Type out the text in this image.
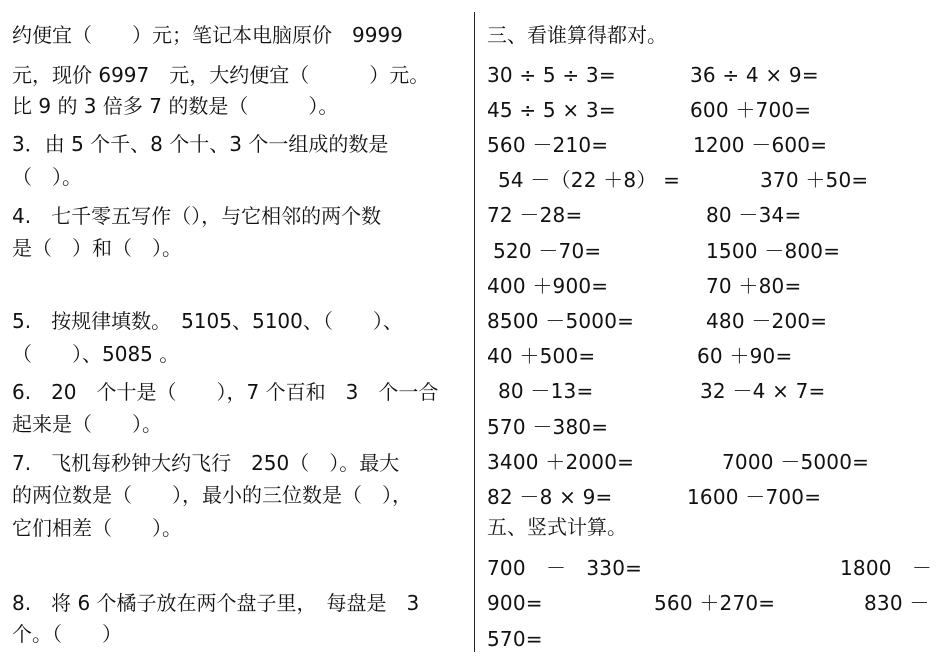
约便宜（　　）元；笔记本电脑原价　9999
元，现价 6997　元，大约便宜（　　　）元。
比 9 的 3 倍多 7 的数是（　　　）。
3．由 5 个千、8 个十、3 个一组成的数是
（　）。
4.　七千零五写作（），与它相邻的两个数
是（　）和（　）。
5.　按规律填数。　5105、5100、（　　）、
（　　）、5085 。
6.　20　个十是（　　），7 个百和　3　个一合
起来是（　　）。
7.　飞机每秒钟大约飞行　250（　）。最大
的两位数是（　　），最小的三位数是（　），
它们相差（　　）。
8.　将 6 个橘子放在两个盘子里，　每盘是　3
个。（　　）
三、看谁算得都对。
30 ÷ 5 ÷ 3=	36 ÷ 4 × 9=
45 ÷ 5 × 3=	600 ＋700=
560 －210=	1200 －600=
54 －（22 ＋8） =	370 ＋50=
72 －28=	80 －34=
520 －70=	1500 －800=
400 ＋900=	70 ＋80=
8500 －5000=	480 －200=
40 ＋500=	60 ＋90=
80 －13=	32 －4 × 7=
570 －380=
3400 ＋2000=	7000 －5000=
82 －8 × 9=	1600 －700=
五、竖式计算。
700　－　330=	1800　－
900=	560 ＋270=	830 －
570=
